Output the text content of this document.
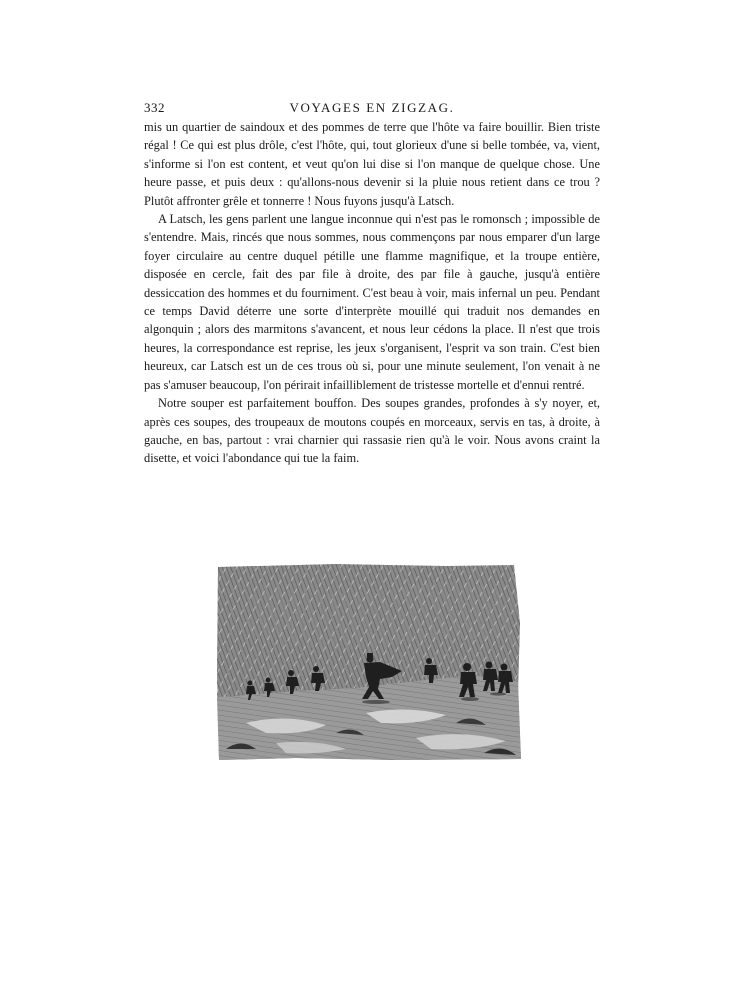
332	VOYAGES EN ZIGZAG.

mis un quartier de saindoux et des pommes de terre que l'hôte va faire bouillir. Bien triste régal ! Ce qui est plus drôle, c'est l'hôte, qui, tout glorieux d'une si belle tombée, va, vient, s'informe si l'on est content, et veut qu'on lui dise si l'on manque de quelque chose. Une heure passe, et puis deux : qu'allons-nous devenir si la pluie nous retient dans ce trou ? Plutôt affronter grêle et tonnerre ! Nous fuyons jusqu'à Latsch.

A Latsch, les gens parlent une langue inconnue qui n'est pas le romonsch ; impossible de s'entendre. Mais, rincés que nous sommes, nous commençons par nous emparer d'un large foyer circulaire au centre duquel pétille une flamme magnifique, et la troupe entière, disposée en cercle, fait des par file à droite, des par file à gauche, jusqu'à entière dessiccation des hommes et du fourniment. C'est beau à voir, mais infernal un peu. Pendant ce temps David déterre une sorte d'interprète mouillé qui traduit nos demandes en algonquin ; alors des marmitons s'avancent, et nous leur cédons la place. Il n'est que trois heures, la correspondance est reprise, les jeux s'organisent, l'esprit va son train. C'est bien heureux, car Latsch est un de ces trous où si, pour une minute seulement, l'on venait à ne pas s'amuser beaucoup, l'on périrait infailliblement de tristesse mortelle et d'ennui rentré.

Notre souper est parfaitement bouffon. Des soupes grandes, profondes à s'y noyer, et, après ces soupes, des troupeaux de moutons coupés en morceaux, servis en tas, à droite, à gauche, en bas, partout : vrai charnier qui rassasie rien qu'à le voir. Nous avons craint la disette, et voici l'abondance qui tue la faim.
